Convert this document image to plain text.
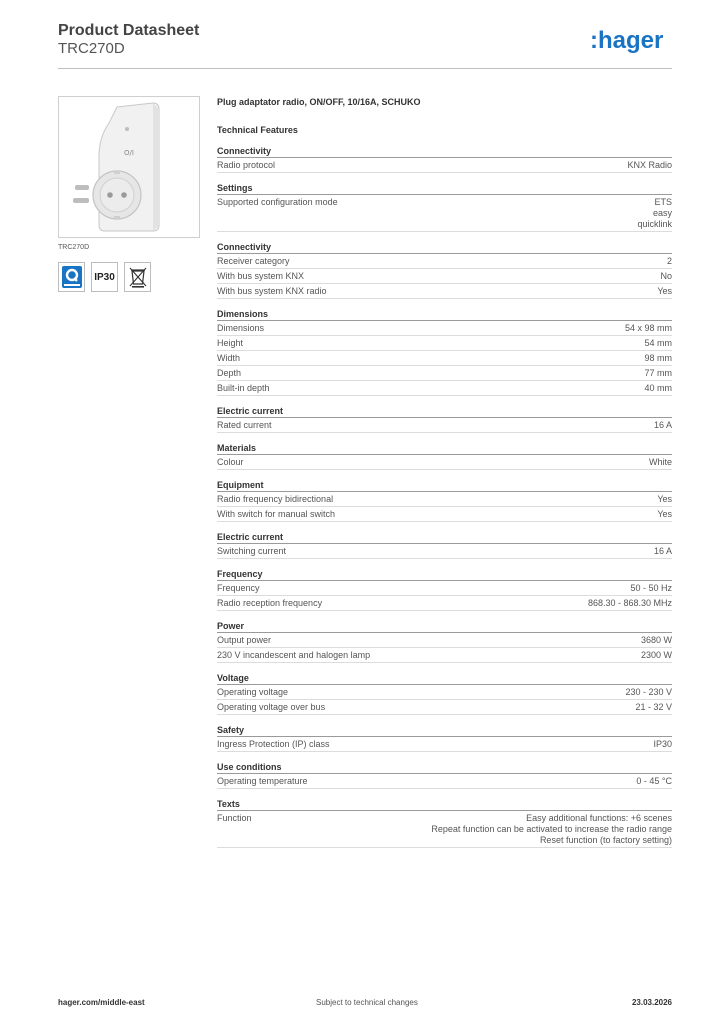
Product Datasheet
TRC270D	:hager
O/I
TRC270D
IP30
Plug adaptator radio, ON/OFF, 10/16A, SCHUKO
Technical Features
Connectivity
Radio protocol	KNX Radio
Settings
Supported configuration mode	ETS
easy
quicklink
Connectivity
Receiver category	2
With bus system KNX	No
With bus system KNX radio	Yes
Dimensions
Dimensions	54 x 98 mm
Height	54 mm
Width	98 mm
Depth	77 mm
Built-in depth	40 mm
Electric current
Rated current	16 A
Materials
Colour	White
Equipment
Radio frequency bidirectional	Yes
With switch for manual switch	Yes
Electric current
Switching current	16 A
Frequency
Frequency	50 - 50 Hz
Radio reception frequency	868.30 - 868.30 MHz
Power
Output power	3680 W
230 V incandescent and halogen lamp	2300 W
Voltage
Operating voltage	230 - 230 V
Operating voltage over bus	21 - 32 V
Safety
Ingress Protection (IP) class	IP30
Use conditions
Operating temperature	0 - 45 °C
Texts
Function	Easy additional functions: +6 scenes
Repeat function can be activated to increase the radio range
Reset function (to factory setting)
hager.com/middle-east	Subject to technical changes	23.03.2026
